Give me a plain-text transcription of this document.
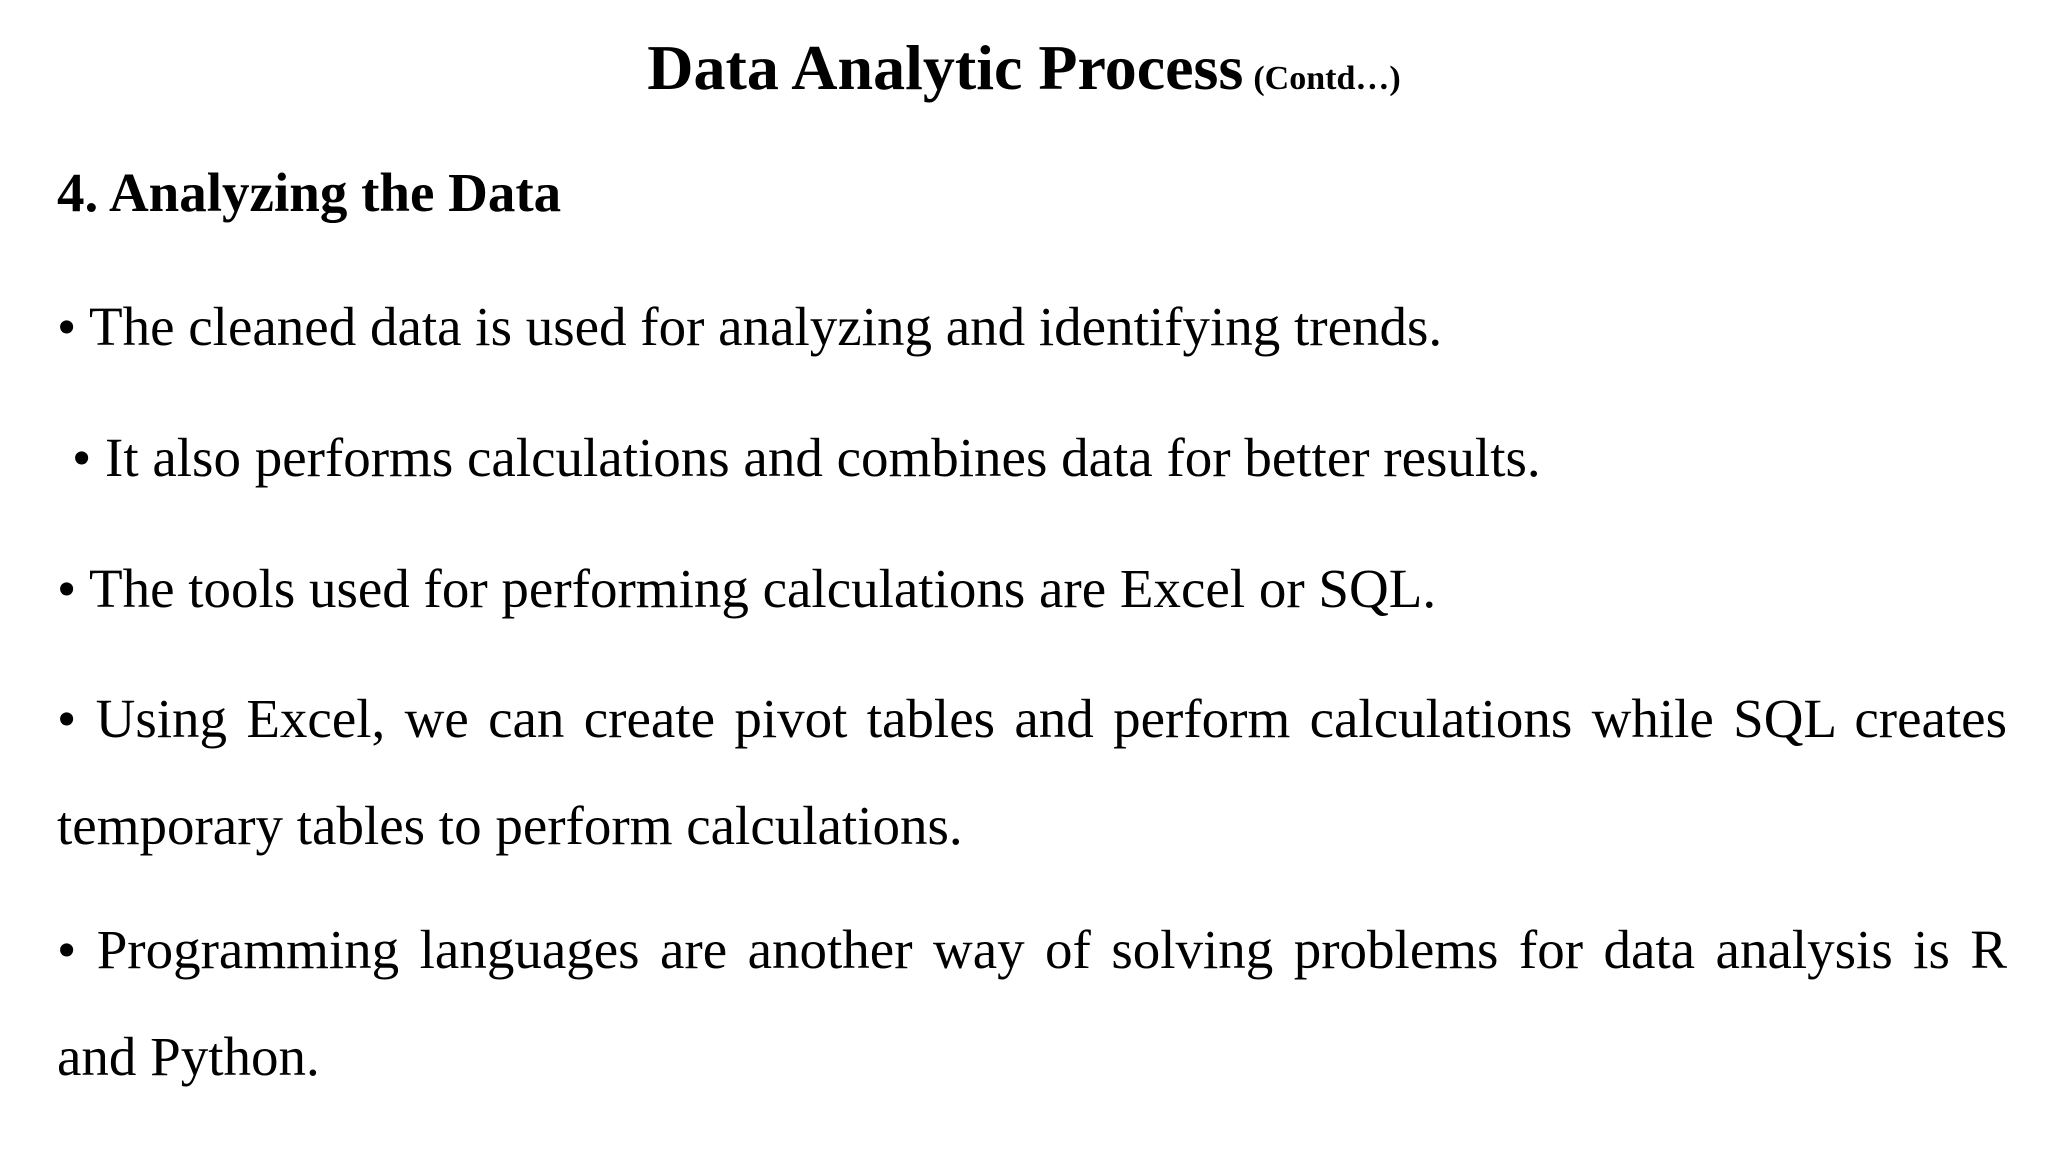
Data Analytic Process (Contd…)
4. Analyzing the Data
• The cleaned data is used for analyzing and identifying trends.
• It also performs calculations and combines data for better results.
• The tools used for performing calculations are Excel or SQL.
• Using Excel, we can create pivot tables and perform calculations while SQL creates temporary tables to perform calculations.
• Programming languages are another way of solving problems for data analysis is R and Python.
